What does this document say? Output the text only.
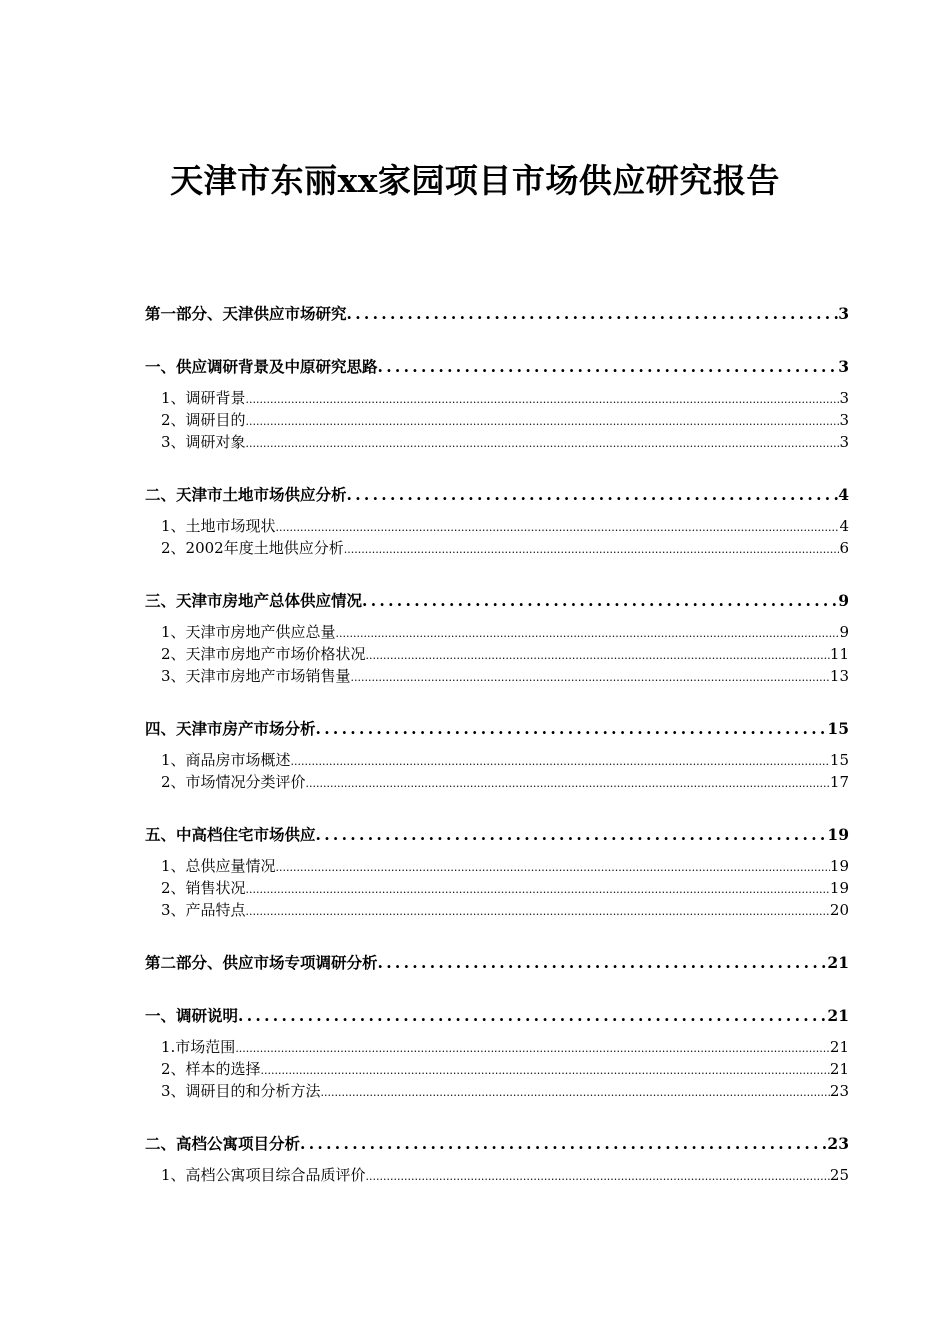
天津市东丽xx家园项目市场供应研究报告
第一部分、天津供应市场研究 .....	3
一、供应调研背景及中原研究思路 .....	3
1、调研背景 .....	3
2、调研目的 .....	3
3、调研对象 .....	3
二、天津市土地市场供应分析 .....	4
1、土地市场现状 .....	4
2、2002年度土地供应分析 .....	6
三、天津市房地产总体供应情况 .....	9
1、天津市房地产供应总量 .....	9
2、天津市房地产市场价格状况 .....	11
3、天津市房地产市场销售量 .....	13
四、天津市房产市场分析 .....	15
1、商品房市场概述 .....	15
2、市场情况分类评价 .....	17
五、中高档住宅市场供应 .....	19
1、总供应量情况 .....	19
2、销售状况 .....	19
3、产品特点 .....	20
第二部分、供应市场专项调研分析 .....	21
一、调研说明 .....	21
1.市场范围 .....	21
2、样本的选择 .....	21
3、调研目的和分析方法 .....	23
二、高档公寓项目分析 .....	23
1、高档公寓项目综合品质评价 .....	25
